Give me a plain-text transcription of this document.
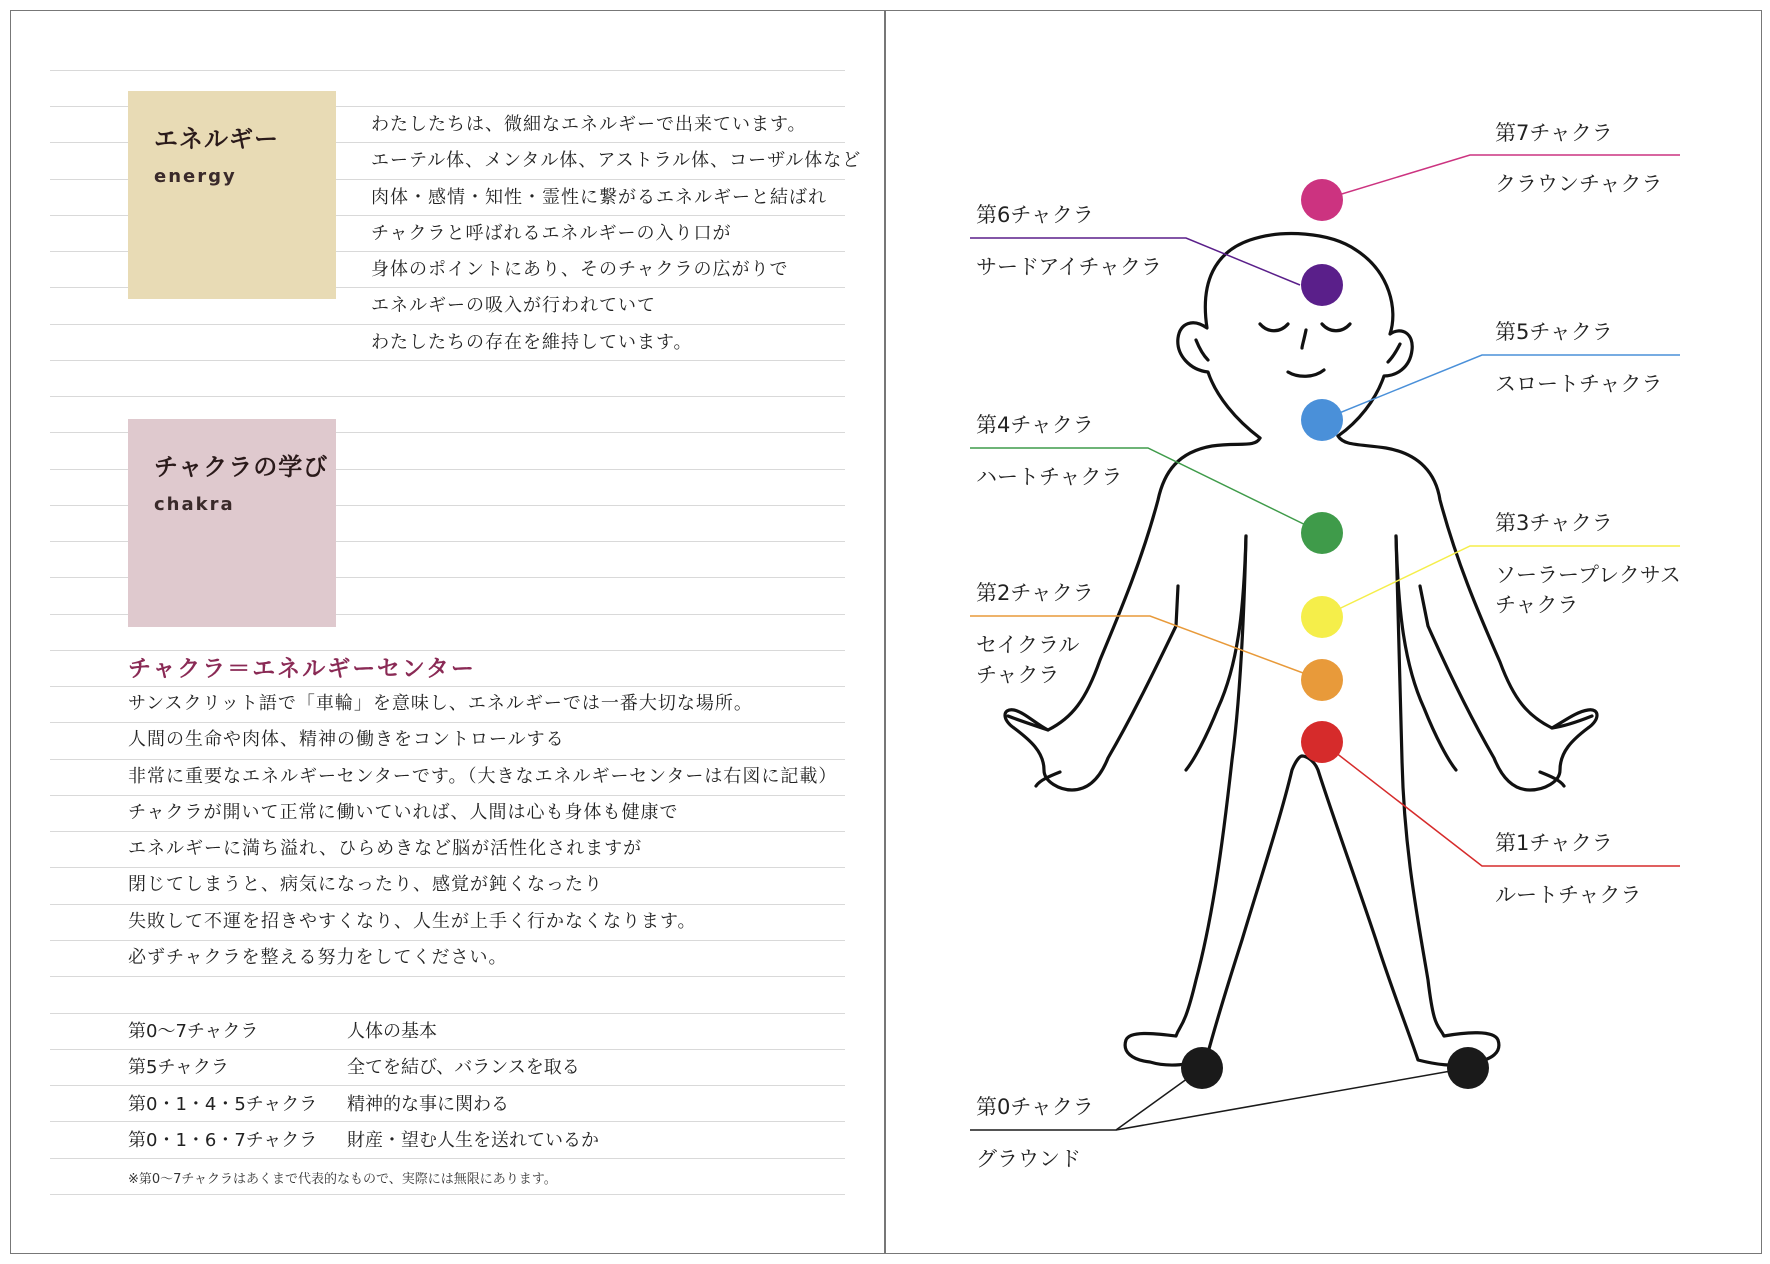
エネルギー
energy
わたしたちは、微細なエネルギーで出来ています。
エーテル体、メンタル体、アストラル体、コーザル体など
肉体・感情・知性・霊性に繋がるエネルギーと結ばれ
チャクラと呼ばれるエネルギーの入り口が
身体のポイントにあり、そのチャクラの広がりで
エネルギーの吸入が行われていて
わたしたちの存在を維持しています。
チャクラの学び
chakra
チャクラ＝エネルギーセンター
サンスクリット語で「車輪」を意味し、エネルギーでは一番大切な場所。
人間の生命や肉体、精神の働きをコントロールする
非常に重要なエネルギーセンターです。（大きなエネルギーセンターは右図に記載）
チャクラが開いて正常に働いていれば、人間は心も身体も健康で
エネルギーに満ち溢れ、ひらめきなど脳が活性化されますが
閉じてしまうと、病気になったり、感覚が鈍くなったり
失敗して不運を招きやすくなり、人生が上手く行かなくなります。
必ずチャクラを整える努力をしてください。
第0〜7チャクラ	人体の基本
第5チャクラ	全てを結び、バランスを取る
第0・1・4・5チャクラ 精神的な事に関わる
第0・1・6・7チャクラ 財産・望む人生を送れているか
※第0〜7チャクラはあくまで代表的なもので、実際には無限にあります。
第7チャクラ
クラウンチャクラ
第6チャクラ
サードアイチャクラ
第5チャクラ
スロートチャクラ
第4チャクラ
ハートチャクラ
第3チャクラ
ソーラープレクサス
チャクラ
第2チャクラ
セイクラル
チャクラ
第1チャクラ
ルートチャクラ
第0チャクラ
グラウンド
